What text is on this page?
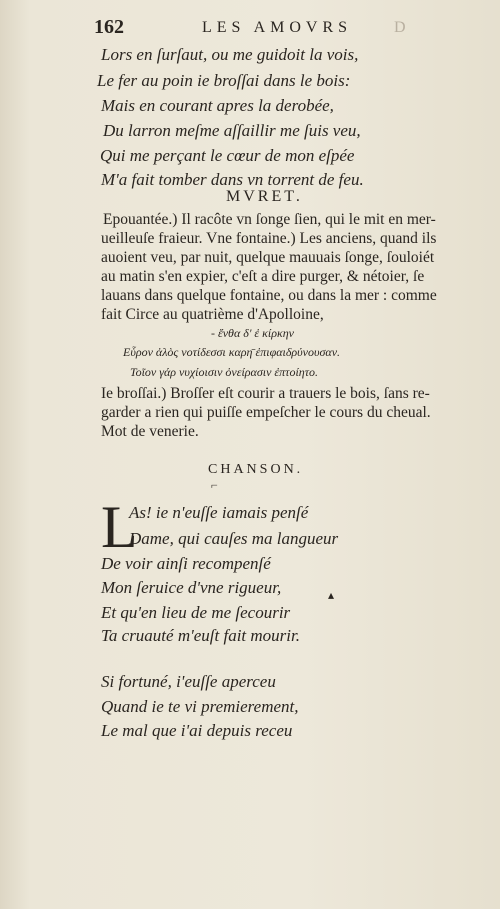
162	LES AMOVRS	D
Lors en ſurſaut, ou me guidoit la vois,
Le fer au poin ie broſſai dans le bois:
Mais en courant apres la derobée,
Du larron meſme aſſaillir me ſuis veu,
Qui me perçant le cœur de mon eſpée
M'a fait tomber dans vn torrent de feu.
MVRET.
Epouantée.) Il racôte vn ſonge ſien, qui le mit en mer-
ueilleuſe fraieur. Vne fontaine.) Les anciens, quand ils
auoient veu, par nuit, quelque mauuais ſonge, ſouloiét
au matin s'en expier, c'eſt a dire purger, & nétoier, ſe
lauans dans quelque fontaine, ou dans la mer : comme
fait Circe au quatrième d'Apolloine,
- ἔνθα δ' ἐ κίρκην
Εὗρον ἁλὸς νοτίδεσσι καρη̄ ἐπιφαιδρύνουσαν.
Τοῖον γάρ νυχίοισιν ὀνείρασιν ἐπτοίητο.
Ie broſſai.) Broſſer eſt courir a trauers le bois, ſans re-
garder a rien qui puiſſe empeſcher le cours du cheual.
Mot de venerie.
CHANSON.
⌐
L
As! ie n'euſſe iamais penſé
Dame, qui cauſes ma langueur
De voir ainſi recompenſé
Mon ſeruice d'vne rigueur,	▴
Et qu'en lieu de me ſecourir
Ta cruauté m'euſt fait mourir.
Si fortuné, i'euſſe aperceu
Quand ie te vi premierement,
Le mal que i'ai depuis receu
